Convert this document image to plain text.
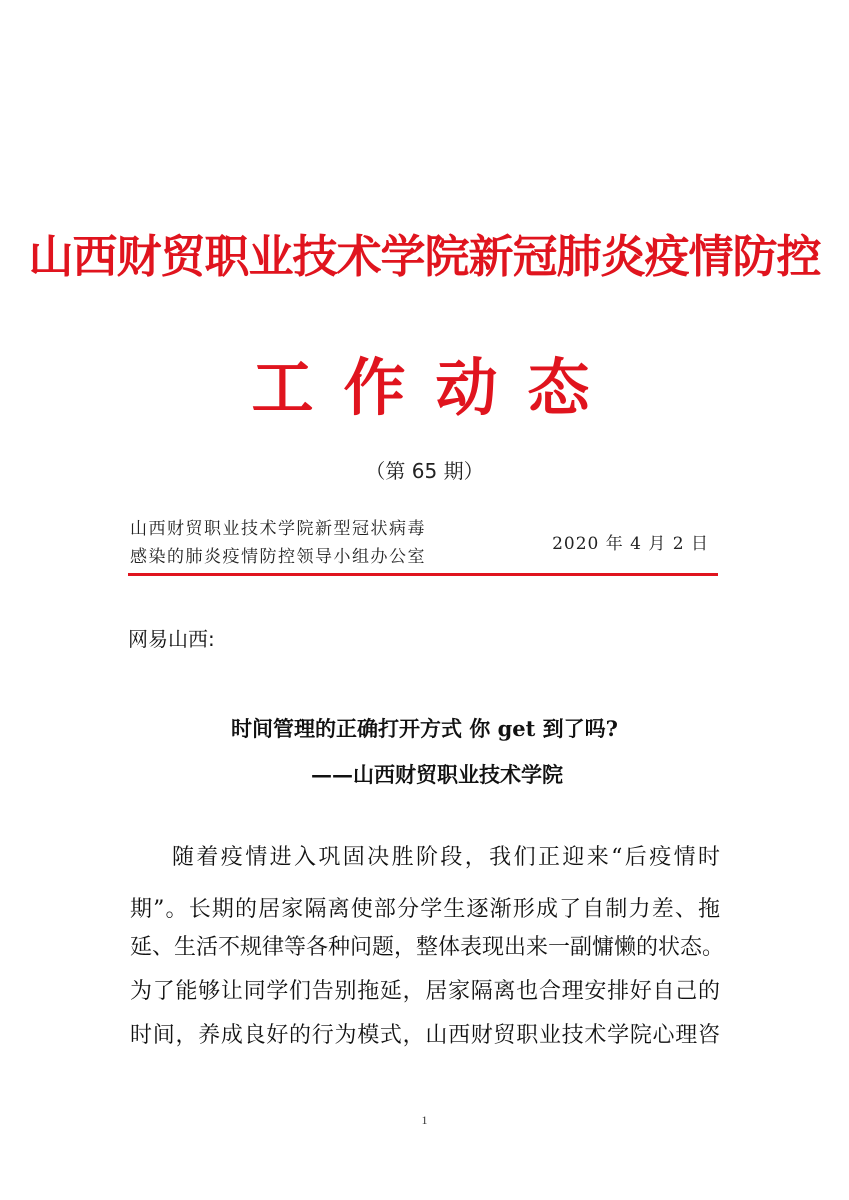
山西财贸职业技术学院新冠肺炎疫情防控
工作动态
（第 65 期）
山西财贸职业技术学院新型冠状病毒
感染的肺炎疫情防控领导小组办公室
2020 年 4 月 2 日
网易山西:
时间管理的正确打开方式 你 get 到了吗?
——山西财贸职业技术学院
随着疫情进入巩固决胜阶段，我们正迎来“后疫情时
期”。长期的居家隔离使部分学生逐渐形成了自制力差、拖
延、生活不规律等各种问题，整体表现出来一副慵懒的状态。
为了能够让同学们告别拖延，居家隔离也合理安排好自己的
时间，养成良好的行为模式，山西财贸职业技术学院心理咨
1
